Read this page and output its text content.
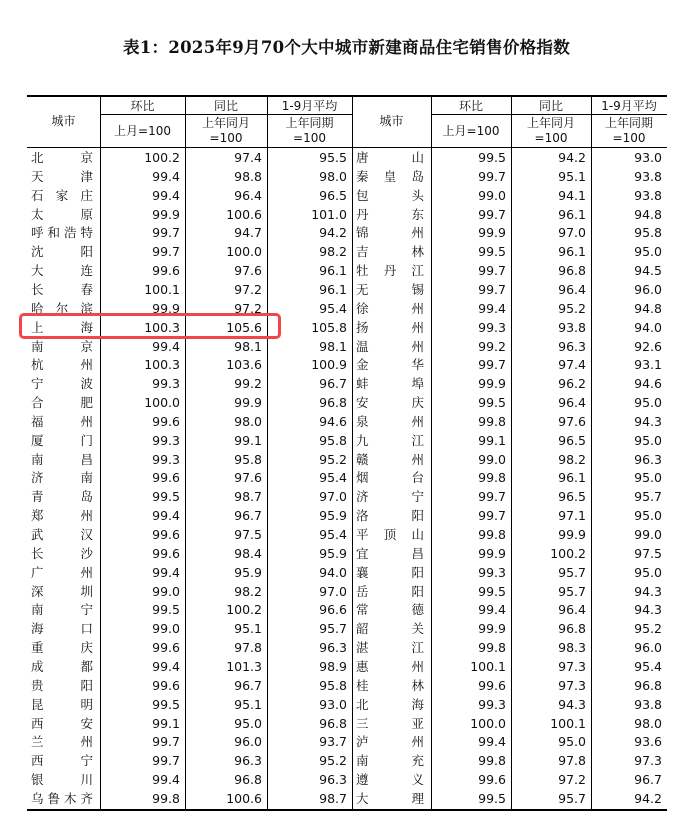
表1：2025年9月70个大中城市新建商品住宅销售价格指数
城市
环比
上月=100
同比
上年同月
=100
1-9月平均
上年同期
=100
城市
环比
上月=100
同比
上年同月
=100
1-9月平均
上年同期
=100
北	京	100.2	97.4	95.5
天	津	99.4	98.8	98.0
石 家 庄	99.4	96.4	96.5
太	原	99.9	100.6	101.0
呼 和 浩 特	99.7	94.7	94.2
沈	阳	99.7	100.0	98.2
大	连	99.6	97.6	96.1
长	春	100.1	97.2	96.1
哈 尔 滨	99.9	97.2	95.4
上	海	100.3	105.6	105.8
南	京	99.4	98.1	98.1
杭	州	100.3	103.6	100.9
宁	波	99.3	99.2	96.7
合	肥	100.0	99.9	96.8
福	州	99.6	98.0	94.6
厦	门	99.3	99.1	95.8
南	昌	99.3	95.8	95.2
济	南	99.6	97.6	95.4
青	岛	99.5	98.7	97.0
郑	州	99.4	96.7	95.9
武	汉	99.6	97.5	95.4
长	沙	99.6	98.4	95.9
广	州	99.4	95.9	94.0
深	圳	99.0	98.2	97.0
南	宁	99.5	100.2	96.6
海	口	99.0	95.1	95.7
重	庆	99.6	97.8	96.3
成	都	99.4	101.3	98.9
贵	阳	99.6	96.7	95.8
昆	明	99.5	95.1	93.0
西	安	99.1	95.0	96.8
兰	州	99.7	96.0	93.7
西	宁	99.7	96.3	95.2
银	川	99.4	96.8	96.3
乌 鲁 木 齐	99.8	100.6	98.7
唐	山	99.5	94.2	93.0
秦 皇 岛	99.7	95.1	93.8
包	头	99.0	94.1	93.8
丹	东	99.7	96.1	94.8
锦	州	99.9	97.0	95.8
吉	林	99.5	96.1	95.0
牡 丹 江	99.7	96.8	94.5
无	锡	99.7	96.4	96.0
徐	州	99.4	95.2	94.8
扬	州	99.3	93.8	94.0
温	州	99.2	96.3	92.6
金	华	99.7	97.4	93.1
蚌	埠	99.9	96.2	94.6
安	庆	99.5	96.4	95.0
泉	州	99.8	97.6	94.3
九	江	99.1	96.5	95.0
赣	州	99.0	98.2	96.3
烟	台	99.8	96.1	95.0
济	宁	99.7	96.5	95.7
洛	阳	99.7	97.1	95.0
平 顶 山	99.8	99.9	99.0
宜	昌	99.9	100.2	97.5
襄	阳	99.3	95.7	95.0
岳	阳	99.5	95.7	94.3
常	德	99.4	96.4	94.3
韶	关	99.9	96.8	95.2
湛	江	99.8	98.3	96.0
惠	州	100.1	97.3	95.4
桂	林	99.6	97.3	96.8
北	海	99.3	94.3	93.8
三	亚	100.0	100.1	98.0
泸	州	99.4	95.0	93.6
南	充	99.8	97.8	97.3
遵	义	99.6	97.2	96.7
大	理	99.5	95.7	94.2
